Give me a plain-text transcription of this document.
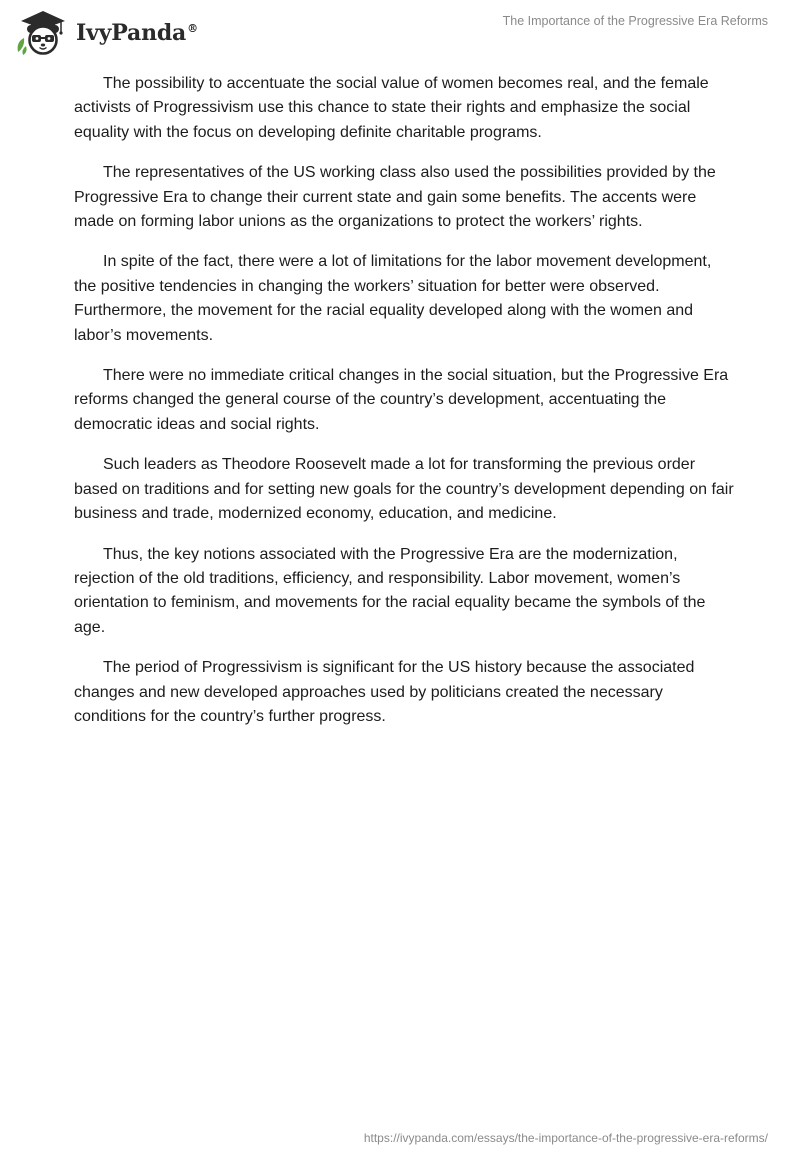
IvyPanda®
The Importance of the Progressive Era Reforms

The possibility to accentuate the social value of women becomes real, and the female activists of Progressivism use this chance to state their rights and emphasize the social equality with the focus on developing definite charitable programs.

The representatives of the US working class also used the possibilities provided by the Progressive Era to change their current state and gain some benefits. The accents were made on forming labor unions as the organizations to protect the workers’ rights.

In spite of the fact, there were a lot of limitations for the labor movement development, the positive tendencies in changing the workers’ situation for better were observed. Furthermore, the movement for the racial equality developed along with the women and labor’s movements.

There were no immediate critical changes in the social situation, but the Progressive Era reforms changed the general course of the country’s development, accentuating the democratic ideas and social rights.

Such leaders as Theodore Roosevelt made a lot for transforming the previous order based on traditions and for setting new goals for the country’s development depending on fair business and trade, modernized economy, education, and medicine.

Thus, the key notions associated with the Progressive Era are the modernization, rejection of the old traditions, efficiency, and responsibility. Labor movement, women’s orientation to feminism, and movements for the racial equality became the symbols of the age.

The period of Progressivism is significant for the US history because the associated changes and new developed approaches used by politicians created the necessary conditions for the country’s further progress.

https://ivypanda.com/essays/the-importance-of-the-progressive-era-reforms/
